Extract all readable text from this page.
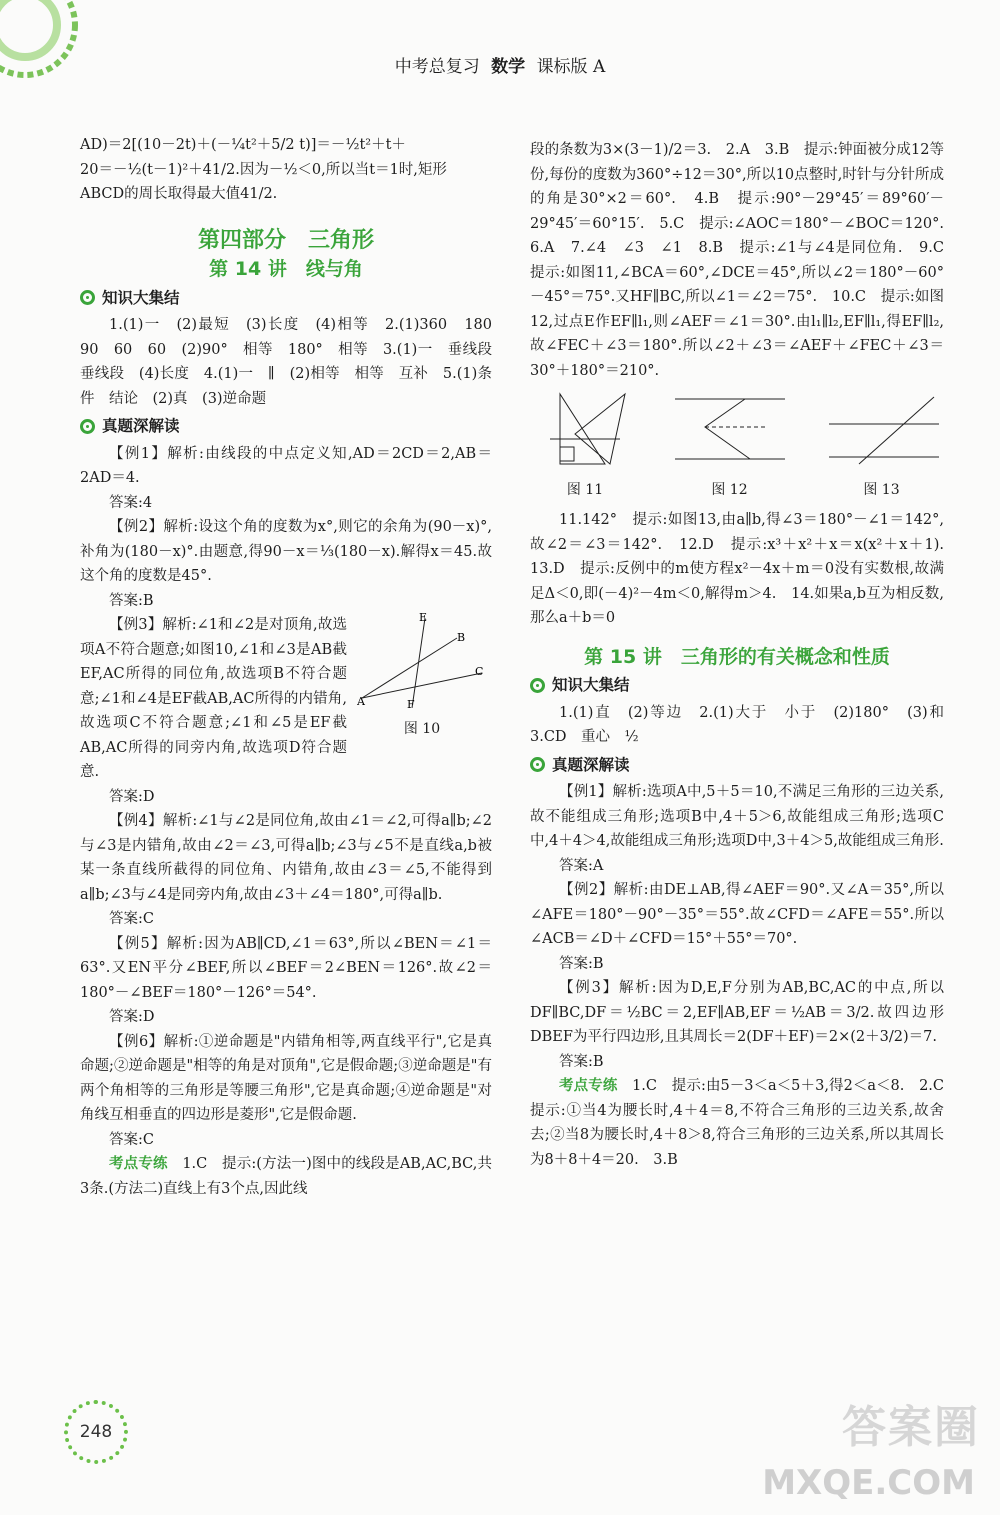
中考总复习 数学 课标版 A

AD)＝2[(10－2t)＋(－¼t²＋5/2 t)]＝－½t²＋t＋

20＝－½(t－1)²＋41/2.因为－½＜0,所以当t＝1时,矩形

ABCD的周长取得最大值41/2.

第四部分　三角形
第 14 讲　线与角
知识大集结

1.(1)一　(2)最短　(3)长度　(4)相等　2.(1)360　180　90　60　60　(2)90°　相等　180°　相等　3.(1)一　垂线段　垂线段　(4)长度　4.(1)一　∥　(2)相等　相等　互补　5.(1)条件　结论　(2)真　(3)逆命题

真题深解读

【例1】解析:由线段的中点定义知,AD＝2CD＝2,AB＝2AD＝4.

答案:4

【例2】解析:设这个角的度数为x°,则它的余角为(90－x)°,补角为(180－x)°.由题意,得90－x＝⅓(180－x).解得x＝45.故这个角的度数是45°.

答案:B

E
B
C
A	F
图 10

【例3】解析:∠1和∠2是对顶角,故选项A不符合题意;如图10,∠1和∠3是AB截EF,AC所得的同位角,故选项B不符合题意;∠1和∠4是EF截AB,AC所得的内错角,故选项C不符合题意;∠1和∠5是EF截AB,AC所得的同旁内角,故选项D符合题意.

答案:D

【例4】解析:∠1与∠2是同位角,故由∠1＝∠2,可得a∥b;∠2与∠3是内错角,故由∠2＝∠3,可得a∥b;∠3与∠5不是直线a,b被某一条直线所截得的同位角、内错角,故由∠3＝∠5,不能得到a∥b;∠3与∠4是同旁内角,故由∠3＋∠4＝180°,可得a∥b.

答案:C

【例5】解析:因为AB∥CD,∠1＝63°,所以∠BEN＝∠1＝63°.又EN平分∠BEF,所以∠BEF＝2∠BEN＝126°.故∠2＝180°－∠BEF＝180°－126°＝54°.

答案:D

【例6】解析:①逆命题是"内错角相等,两直线平行",它是真命题;②逆命题是"相等的角是对顶角",它是假命题;③逆命题是"有两个角相等的三角形是等腰三角形",它是真命题;④逆命题是"对角线互相垂直的四边形是菱形",它是假命题.

答案:C

考点专练　 1.C　提示:(方法一)图中的线段是AB,AC,BC,共3条.(方法二)直线上有3个点,因此线

段的条数为3×(3－1)/2＝3.　2.A　3.B　提示:钟面被分成12等份,每份的度数为360°÷12＝30°,所以10点整时,时针与分针所成的角是30°×2＝60°.　4.B　提示:90°－29°45′＝89°60′－29°45′＝60°15′.　5.C　提示:∠AOC＝180°－∠BOC＝120°.　6.A　7.∠4　∠3　∠1　8.B　提示:∠1与∠4是同位角.　9.C　提示:如图11,∠BCA＝60°,∠DCE＝45°,所以∠2＝180°－60°－45°＝75°.又HF∥BC,所以∠1＝∠2＝75°.　10.C　提示:如图12,过点E作EF∥l₁,则∠AEF＝∠1＝30°.由l₁∥l₂,EF∥l₁,得EF∥l₂,故∠FEC＋∠3＝180°.所以∠2＋∠3＝∠AEF＋∠FEC＋∠3＝30°＋180°＝210°.

图 11	图 12	图 13

11.142°　提示:如图13,由a∥b,得∠3＝180°－∠1＝142°,故∠2＝∠3＝142°.　12.D　提示:x³＋x²＋x＝x(x²＋x＋1).　13.D　提示:反例中的m使方程x²－4x＋m＝0没有实数根,故满足Δ＜0,即(－4)²－4m＜0,解得m＞4.　14.如果a,b互为相反数,那么a＋b＝0

第 15 讲　三角形的有关概念和性质
知识大集结

1.(1)直　(2)等边　2.(1)大于　小于　(2)180°　(3)和　3.CD　重心　½

真题深解读

【例1】解析:选项A中,5＋5＝10,不满足三角形的三边关系,故不能组成三角形;选项B中,4＋5＞6,故能组成三角形;选项C中,4＋4＞4,故能组成三角形;选项D中,3＋4＞5,故能组成三角形.

答案:A

【例2】解析:由DE⊥AB,得∠AEF＝90°.又∠A＝35°,所以∠AFE＝180°－90°－35°＝55°.故∠CFD＝∠AFE＝55°.所以∠ACB＝∠D＋∠CFD＝15°＋55°＝70°.

答案:B

【例3】解析:因为D,E,F分别为AB,BC,AC的中点,所以DF∥BC,DF＝½BC＝2,EF∥AB,EF＝½AB＝3/2.故四边形DBEF为平行四边形,且其周长＝2(DF＋EF)＝2×(2＋3/2)＝7.

答案:B

考点专练　 1.C　提示:由5－3＜a＜5＋3,得2＜a＜8.　2.C　提示:①当4为腰长时,4＋4＝8,不符合三角形的三边关系,故舍去;②当8为腰长时,4＋8＞8,符合三角形的三边关系,所以其周长为8＋8＋4＝20.　3.B

248	答案圈
MXQE.COM
